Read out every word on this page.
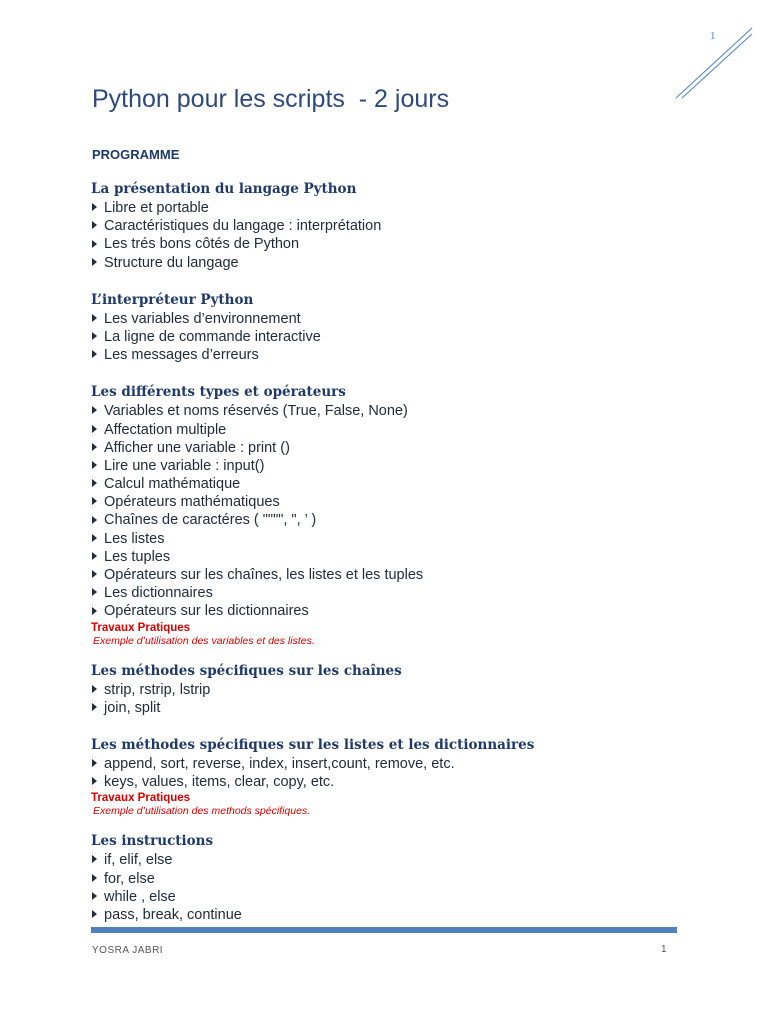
1
Python pour les scripts  - 2 jours
PROGRAMME
La présentation du langage Python
Libre et portable
Caractéristiques du langage : interprétation
Les trés bons côtés de Python
Structure du langage
L’interpréteur Python
Les variables d’environnement
La ligne de commande interactive
Les messages d’erreurs
Les différents types et opérateurs
Variables et noms réservés (True, False, None)
Affectation multiple
Afficher une variable : print ()
Lire une variable : input()
Calcul mathématique
Opérateurs mathématiques
Chaînes de caractéres ( """", ", ’ )
Les listes
Les tuples
Opérateurs sur les chaînes, les listes et les tuples
Les dictionnaires
Opérateurs sur les dictionnaires
Travaux Pratiques
Exemple d’utilisation des variables et des listes.
Les méthodes spécifiques sur les chaînes
strip, rstrip, lstrip
join, split
Les méthodes spécifiques sur les listes et les dictionnaires
append, sort, reverse, index, insert,count, remove, etc.
keys, values, items, clear, copy, etc.
Travaux Pratiques
Exemple d’utilisation des methods spécifiques.
Les instructions
if, elif, else
for, else
while , else
pass, break, continue
YOSRA JABRI	1
